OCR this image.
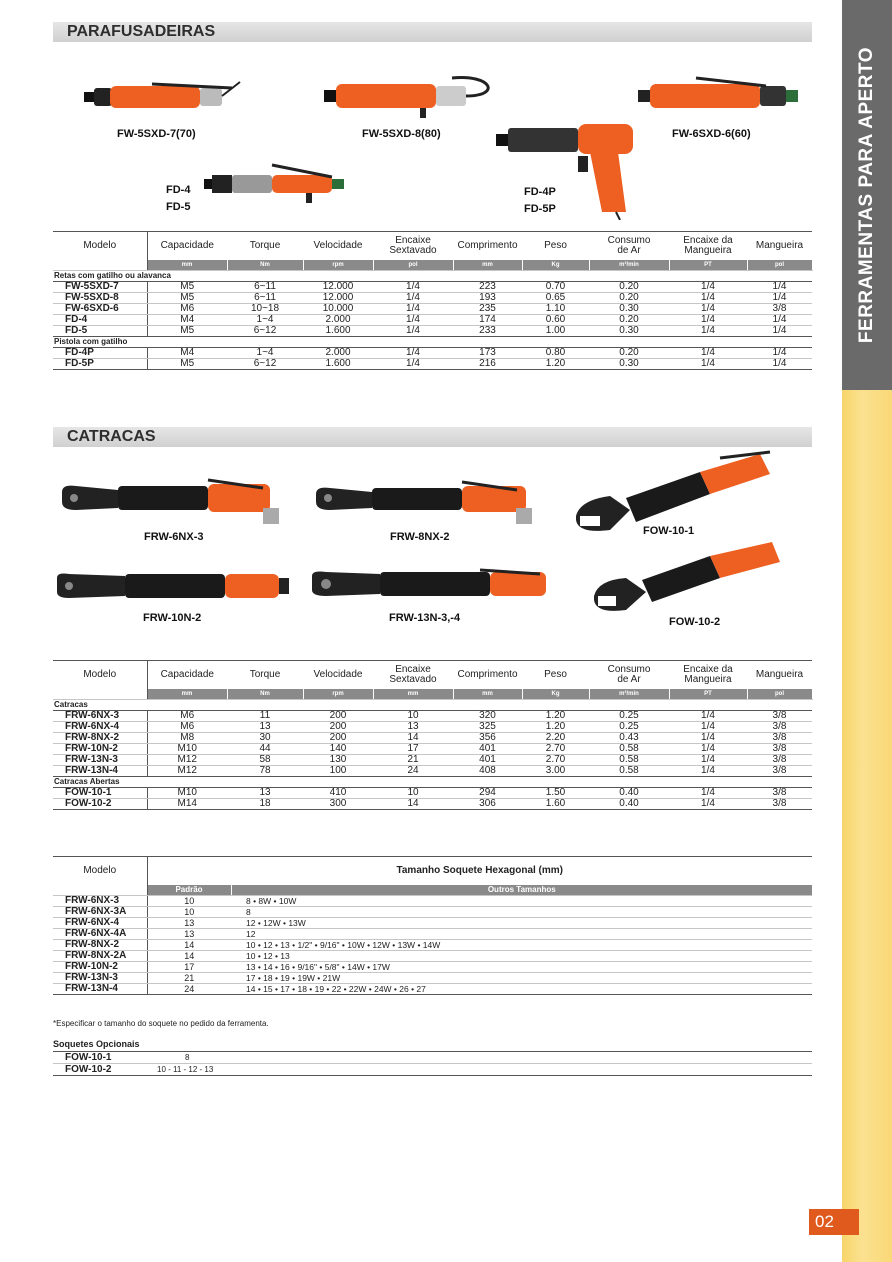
FERRAMENTAS PARA APERTO
02
PARAFUSADEIRAS
FW-5SXD-7(70)	FW-5SXD-8(80)	FW-6SXD-6(60)
FD-4
FD-5
FD-4P
FD-5P
Modelo	Capacidade	Torque	Velocidade	Encaixe
Sextavado	Comprimento	Peso	Consumo
de Ar	Encaixe da
Mangueira	Mangueira
	mm	Nm	rpm	pol	mm	Kg	m³/min	PT	pol
Retas com gatilho ou alavanca									
FW-5SXD-7	M5	6~11	12.000	1/4	223	0.70	0.20	1/4	1/4
FW-5SXD-8	M5	6~11	12.000	1/4	193	0.65	0.20	1/4	1/4
FW-6SXD-6	M6	10~18	10.000	1/4	235	1.10	0.30	1/4	3/8
FD-4	M4	1~4	2.000	1/4	174	0.60	0.20	1/4	1/4
FD-5	M5	6~12	1.600	1/4	233	1.00	0.30	1/4	1/4
Pistola com gatilho									
FD-4P	M4	1~4	2.000	1/4	173	0.80	0.20	1/4	1/4
FD-5P	M5	6~12	1.600	1/4	216	1.20	0.30	1/4	1/4
CATRACAS
FRW-6NX-3	FRW-8NX-2	FOW-10-1
FRW-10N-2	FRW-13N-3,-4	FOW-10-2
Modelo	Capacidade	Torque	Velocidade	Encaixe
Sextavado	Comprimento	Peso	Consumo
de Ar	Encaixe da
Mangueira	Mangueira
	mm	Nm	rpm	mm	mm	Kg	m³/min	PT	pol
Catracas									
FRW-6NX-3	M6	11	200	10	320	1.20	0.25	1/4	3/8
FRW-6NX-4	M6	13	200	13	325	1.20	0.25	1/4	3/8
FRW-8NX-2	M8	30	200	14	356	2.20	0.43	1/4	3/8
FRW-10N-2	M10	44	140	17	401	2.70	0.58	1/4	3/8
FRW-13N-3	M12	58	130	21	401	2.70	0.58	1/4	3/8
FRW-13N-4	M12	78	100	24	408	3.00	0.58	1/4	3/8
Catracas Abertas									
FOW-10-1	M10	13	410	10	294	1.50	0.40	1/4	3/8
FOW-10-2	M14	18	300	14	306	1.60	0.40	1/4	3/8
Modelo	Tamanho Soquete Hexagonal (mm)	
	Padrão	Outros Tamanhos
FRW-6NX-3	10	8 • 8W • 10W
FRW-6NX-3A	10	8
FRW-6NX-4	13	12 • 12W • 13W
FRW-6NX-4A	13	12
FRW-8NX-2	14	10 • 12 • 13 • 1/2" • 9/16" • 10W • 12W • 13W • 14W
FRW-8NX-2A	14	10 • 12 • 13
FRW-10N-2	17	13 • 14 • 16 • 9/16" • 5/8" • 14W • 17W
FRW-13N-3	21	17 • 18 • 19 • 19W • 21W
FRW-13N-4	24	14 • 15 • 17 • 18 • 19 • 22 • 22W • 24W • 26 • 27
*Especificar o tamanho do soquete no pedido da ferramenta.
Soquetes Opcionais
FOW-10-1	8
FOW-10-2	10 - 11 - 12 - 13
